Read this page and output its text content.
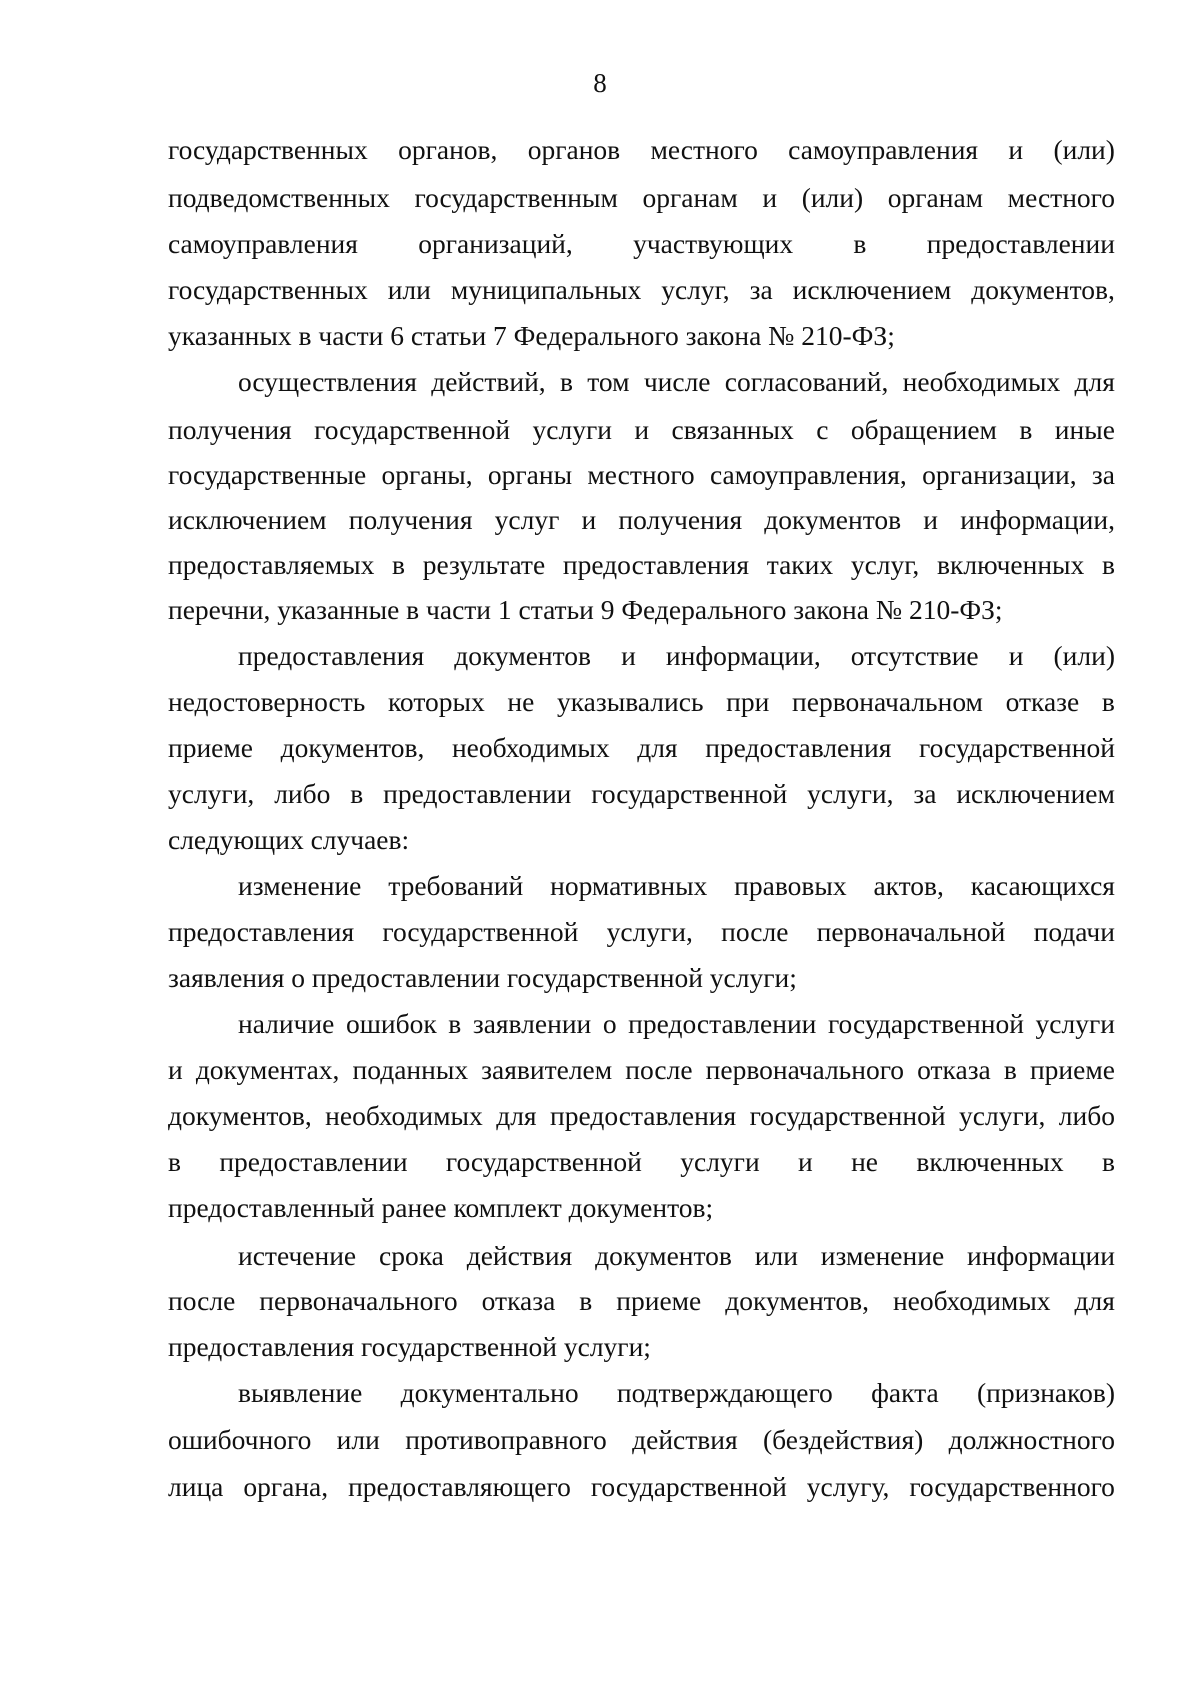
8
государственных органов, органов местного самоуправления и (или)
подведомственных государственным органам и (или) органам местного
самоуправления организаций, участвующих в предоставлении
государственных или муниципальных услуг, за исключением документов,
указанных в части 6 статьи 7 Федерального закона № 210-ФЗ;
осуществления действий, в том числе согласований, необходимых для
получения государственной услуги и связанных с обращением в иные
государственные органы, органы местного самоуправления, организации, за
исключением получения услуг и получения документов и информации,
предоставляемых в результате предоставления таких услуг, включенных в
перечни, указанные в части 1 статьи 9 Федерального закона № 210-ФЗ;
предоставления документов и информации, отсутствие и (или)
недостоверность которых не указывались при первоначальном отказе в
приеме документов, необходимых для предоставления государственной
услуги, либо в предоставлении государственной услуги, за исключением
следующих случаев:
изменение требований нормативных правовых актов, касающихся
предоставления государственной услуги, после первоначальной подачи
заявления о предоставлении государственной услуги;
наличие ошибок в заявлении о предоставлении государственной услуги
и документах, поданных заявителем после первоначального отказа в приеме
документов, необходимых для предоставления государственной услуги, либо
в предоставлении государственной услуги и не включенных в
предоставленный ранее комплект документов;
истечение срока действия документов или изменение информации
после первоначального отказа в приеме документов, необходимых для
предоставления государственной услуги;
выявление документально подтверждающего факта (признаков)
ошибочного или противоправного действия (бездействия) должностного
лица органа, предоставляющего государственной услугу, государственного
